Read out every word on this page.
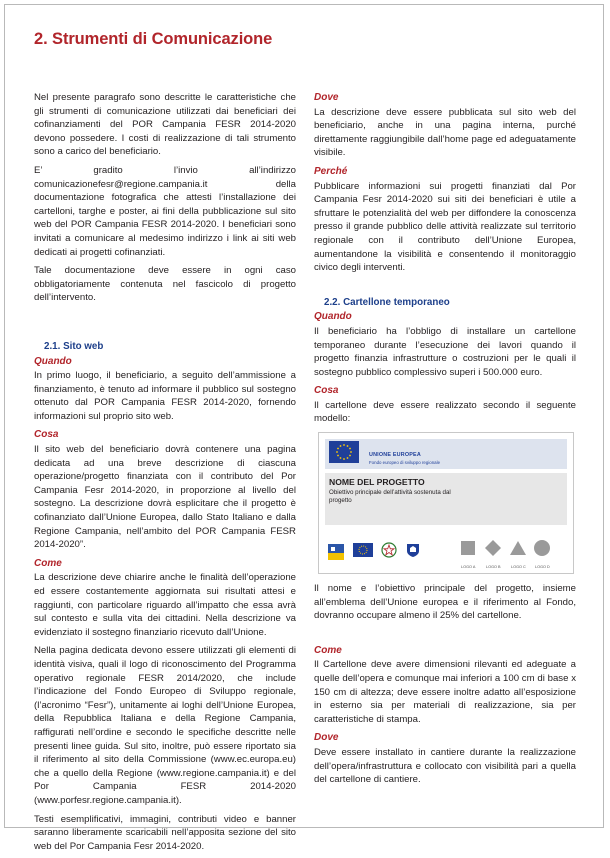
2. Strumenti di Comunicazione

Nel presente paragrafo sono descritte le caratteristiche che gli strumenti di comunicazione utilizzati dai beneficiari dei cofinanziamenti del POR Campania FESR 2014-2020 devono possedere. I costi di realizzazione di tali strumento sono a carico del beneficiario.

E’ gradito l’invio all’indirizzo comunicazionefesr@regione.campania.it della documentazione fotografica che attesti l’installazione dei cartelloni, targhe e poster, ai fini della pubblicazione sul sito web del POR Campania FESR 2014-2020. I beneficiari sono invitati a comunicare al medesimo indirizzo i link ai siti web dedicati ai progetti cofinanziati.

Tale documentazione deve essere in ogni caso obbligatoriamente contenuta nel fascicolo di progetto dell’intervento.

2.1. Sito web
Quando

In primo luogo, il beneficiario, a seguito dell’ammissione a finanziamento, è tenuto ad informare il pubblico sul sostegno ottenuto dal POR Campania FESR 2014-2020, fornendo informazioni sul proprio sito web.

Cosa

Il sito web del beneficiario dovrà contenere una pagina dedicata ad una breve descrizione di ciascuna operazione/progetto finanziata con il contributo del Por Campania Fesr 2014-2020, in proporzione al livello del sostegno. La descrizione dovrà esplicitare che il progetto è cofinanziato dall’Unione Europea, dallo Stato Italiano e dalla Regione Campania, nell’ambito del POR Campania FESR 2014-2020”.

Come

La descrizione deve chiarire anche le finalità dell’operazione ed essere costantemente aggiornata sui risultati attesi e raggiunti, con particolare riguardo all’impatto che essa avrà sul contesto e sulla vita dei cittadini. Nella descrizione va evidenziato il sostegno finanziario ricevuto dall’Unione.

Nella pagina dedicata devono essere utilizzati gli elementi di identità visiva, quali il logo di riconoscimento del Programma operativo regionale FESR 2014/2020, che include l’indicazione del Fondo Europeo di Sviluppo regionale, (l’acronimo “Fesr”), unitamente ai loghi dell’Unione Europea, della Repubblica Italiana e della Regione Campania, raffigurati nell’ordine e secondo le specifiche descritte nelle presenti linee guida. Sul sito, inoltre, può essere riportato sia il riferimento al sito della Commissione (www.ec.europa.eu) che a quello della Regione (www.regione.campania.it) e del Por Campania FESR 2014-2020 (www.porfesr.regione.campania.it).

Testi esemplificativi, immagini, contributi video e banner saranno liberamente scaricabili nell’apposita sezione del sito web del Por Campania Fesr 2014-2020.

Dove

La descrizione deve essere pubblicata sul sito web del beneficiario, anche in una pagina interna, purché direttamente raggiungibile dall’home page ed adeguatamente visibile.

Perché

Pubblicare informazioni sui progetti finanziati dal Por Campania Fesr 2014-2020 sui siti dei beneficiari è utile a sfruttare le potenzialità del web per diffondere la conoscenza presso il grande pubblico delle attività realizzate sul territorio regionale con il contributo dell’Unione Europea, aumentandone la visibilità e consentendo il monitoraggio civico degli interventi.

2.2. Cartellone temporaneo
Quando

Il beneficiario ha l’obbligo di installare un cartellone temporaneo durante l’esecuzione dei lavori quando il progetto finanzia infrastrutture o costruzioni per le quali il sostegno pubblico complessivo superi i 500.000 euro.

Cosa

Il cartellone deve essere realizzato secondo il seguente modello:

UNIONE EUROPEA
Fondo europeo di sviluppo regionale
NOME DEL PROGETTO
Obiettivo principale dell’attività sostenuta dal progetto
LOGO A	LOGO B	LOGO C LOGO D

Il nome e l’obiettivo principale del progetto, insieme all’emblema dell’Unione europea e il riferimento al Fondo, dovranno occupare almeno il 25% del cartellone.

Come

Il Cartellone deve avere dimensioni rilevanti ed adeguate a quelle dell’opera e comunque mai inferiori a 100 cm di base x 150 cm di altezza; deve essere inoltre adatto all’esposizione in esterno sia per materiali di realizzazione, sia per caratteristiche di stampa.

Dove

Deve essere installato in cantiere durante la realizzazione dell’opera/infrastruttura e collocato con visibilità pari a quella del cartellone di cantiere.
